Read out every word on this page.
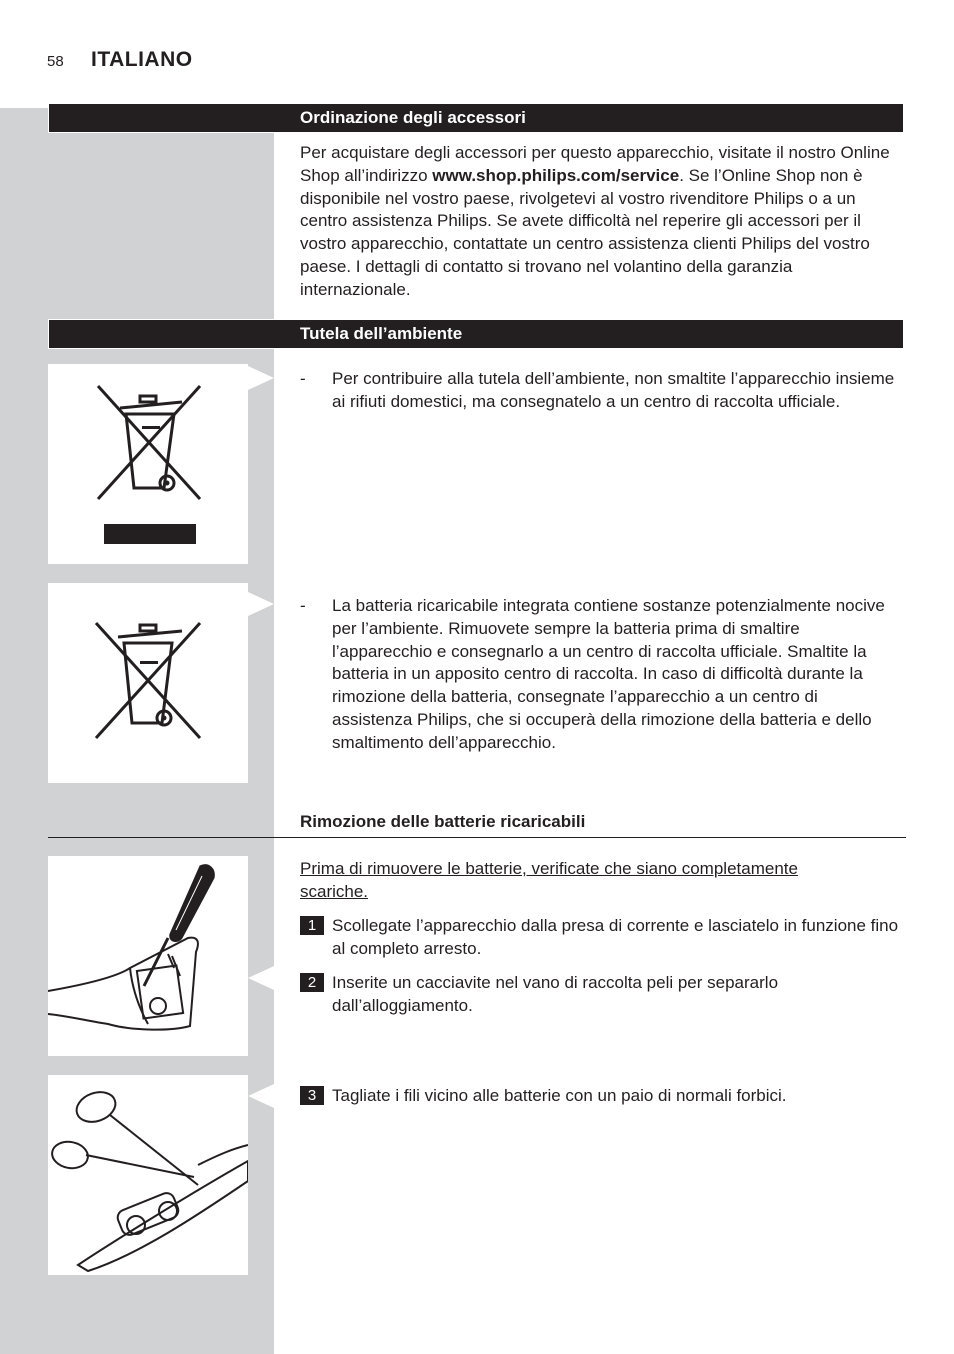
58 ITALIANO
Ordinazione degli accessori

Per acquistare degli accessori per questo apparecchio, visitate il nostro Online Shop all’indirizzo www.shop.philips.com/service. Se l’Online Shop non è disponibile nel vostro paese, rivolgetevi al vostro rivenditore Philips o a un centro assistenza Philips. Se avete difficoltà nel reperire gli accessori per il vostro apparecchio, contattate un centro assistenza clienti Philips del vostro paese. I dettagli di contatto si trovano nel volantino della garanzia internazionale.

Tutela dell’ambiente
- Per contribuire alla tutela dell’ambiente, non smaltite l’apparecchio insieme ai rifiuti domestici, ma consegnatelo a un centro di raccolta ufficiale.
- La batteria ricaricabile integrata contiene sostanze potenzialmente nocive per l’ambiente. Rimuovete sempre la batteria prima di smaltire l’apparecchio e consegnarlo a un centro di raccolta ufficiale. Smaltite la batteria in un apposito centro di raccolta. In caso di difficoltà durante la rimozione della batteria, consegnate l’apparecchio a un centro di assistenza Philips, che si occuperà della rimozione della batteria e dello smaltimento dell’apparecchio.
Rimozione delle batterie ricaricabili
Prima di rimuovere le batterie, verificate che siano completamente scariche.
1 Scollegate l’apparecchio dalla presa di corrente e lasciatelo in funzione fino al completo arresto.
2 Inserite un cacciavite nel vano di raccolta peli per separarlo dall’alloggiamento.
3 Tagliate i fili vicino alle batterie con un paio di normali forbici.
